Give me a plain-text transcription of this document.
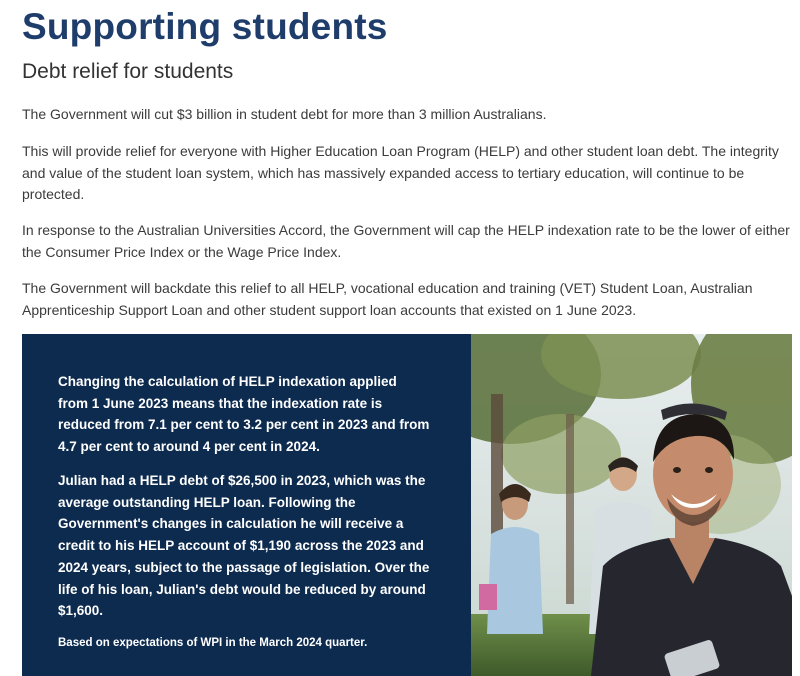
Supporting students
Debt relief for students

The Government will cut $3 billion in student debt for more than 3 million Australians.

This will provide relief for everyone with Higher Education Loan Program (HELP) and other student loan debt. The integrity and value of the student loan system, which has massively expanded access to tertiary education, will continue to be protected.

In response to the Australian Universities Accord, the Government will cap the HELP indexation rate to be the lower of either the Consumer Price Index or the Wage Price Index.

The Government will backdate this relief to all HELP, vocational education and training (VET) Student Loan, Australian Apprenticeship Support Loan and other student support loan accounts that existed on 1 June 2023.

Changing the calculation of HELP indexation applied from 1 June 2023 means that the indexation rate is reduced from 7.1 per cent to 3.2 per cent in 2023 and from 4.7 per cent to around 4 per cent in 2024.

Julian had a HELP debt of $26,500 in 2023, which was the average outstanding HELP loan. Following the Government's changes in calculation he will receive a credit to his HELP account of $1,190 across the 2023 and 2024 years, subject to the passage of legislation. Over the life of his loan, Julian's debt would be reduced by around $1,600.

Based on expectations of WPI in the March 2024 quarter.
